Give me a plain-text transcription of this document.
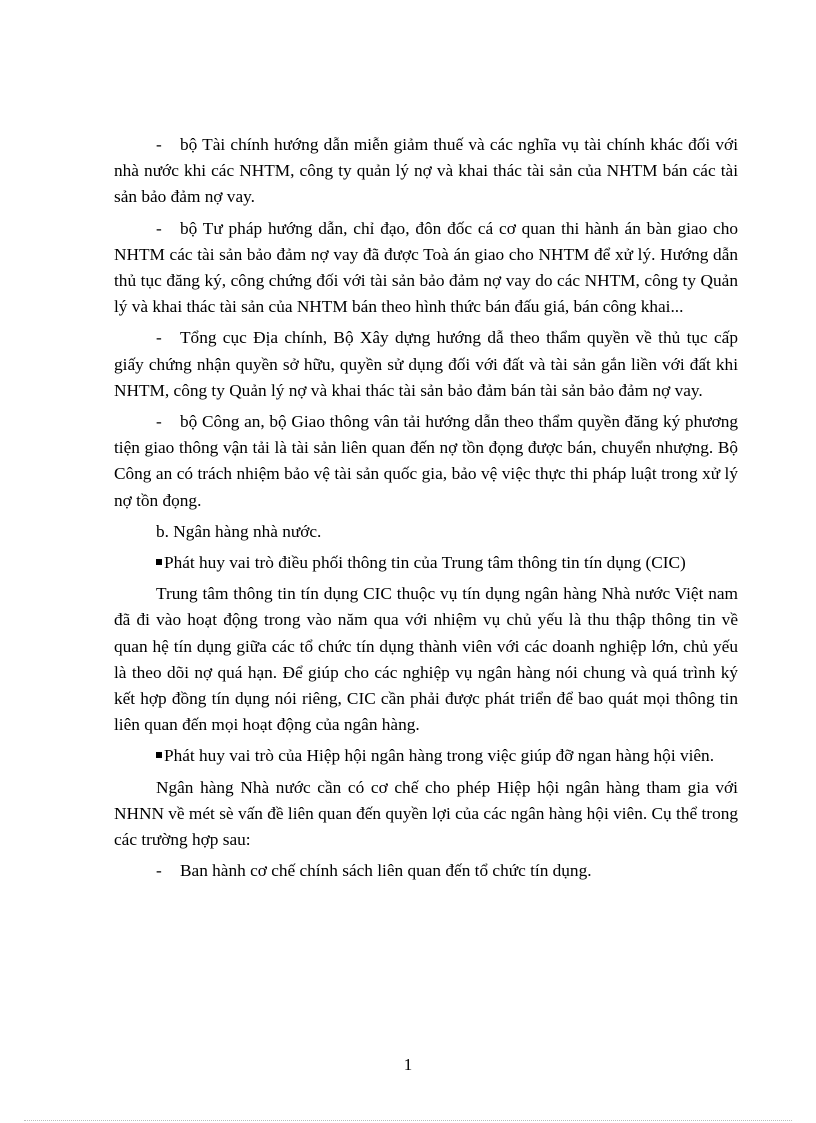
- bộ Tài chính hướng dẫn miễn giảm thuế và các nghĩa vụ tài chính khác đối với nhà nước khi các NHTM, công ty quản lý nợ và khai thác tài sản của NHTM bán các tài sản bảo đảm nợ vay.

- bộ Tư pháp hướng dẫn, chỉ đạo, đôn đốc cá cơ quan thi hành án bàn giao cho NHTM các tài sản bảo đảm nợ vay đã được Toà án giao cho NHTM để xử lý. Hướng dẫn thủ tục đăng ký, công chứng đối với tài sản bảo đảm nợ vay do các NHTM, công ty Quản lý và khai thác tài sản của NHTM bán theo hình thức bán đấu giá, bán công khai...

- Tổng cục Địa chính, Bộ Xây dựng hướng dẫ theo thẩm quyền về thủ tục cấp giấy chứng nhận quyền sở hữu, quyền sử dụng đối với đất và tài sản gắn liền với đất khi NHTM, công ty Quản lý nợ và khai thác tài sản bảo đảm bán tài sản bảo đảm nợ vay.

- bộ Công an, bộ Giao thông vân tải hướng dẫn theo thẩm quyền đăng ký phương tiện giao thông vận tải là tài sản liên quan đến nợ tồn đọng được bán, chuyển nhượng. Bộ Công an có trách nhiệm bảo vệ tài sản quốc gia, bảo vệ việc thực thi pháp luật trong xử lý nợ tồn đọng.

b. Ngân hàng nhà nước.

Phát huy vai trò điều phối thông tin của Trung tâm thông tin tín dụng (CIC)

Trung tâm thông tin tín dụng CIC thuộc vụ tín dụng ngân hàng Nhà nước Việt nam đã đi vào hoạt động trong vào năm qua với nhiệm vụ chủ yếu là thu thập thông tin về quan hệ tín dụng giữa các tổ chức tín dụng thành viên với các doanh nghiệp lớn, chủ yếu là theo dõi nợ quá hạn. Để giúp cho các nghiệp vụ ngân hàng nói chung và quá trình ký kết hợp đồng tín dụng nói riêng, CIC cần phải được phát triển để bao quát mọi thông tin liên quan đến mọi hoạt động của ngân hàng.

Phát huy vai trò của Hiệp hội ngân hàng trong việc giúp đỡ ngan hàng hội viên.

Ngân hàng Nhà nước cần có cơ chế cho phép Hiệp hội ngân hàng tham gia với NHNN về mét sè vấn đề liên quan đến quyền lợi của các ngân hàng hội viên. Cụ thể trong các trường hợp sau:

- Ban hành cơ chế chính sách liên quan đến tổ chức tín dụng.

1
